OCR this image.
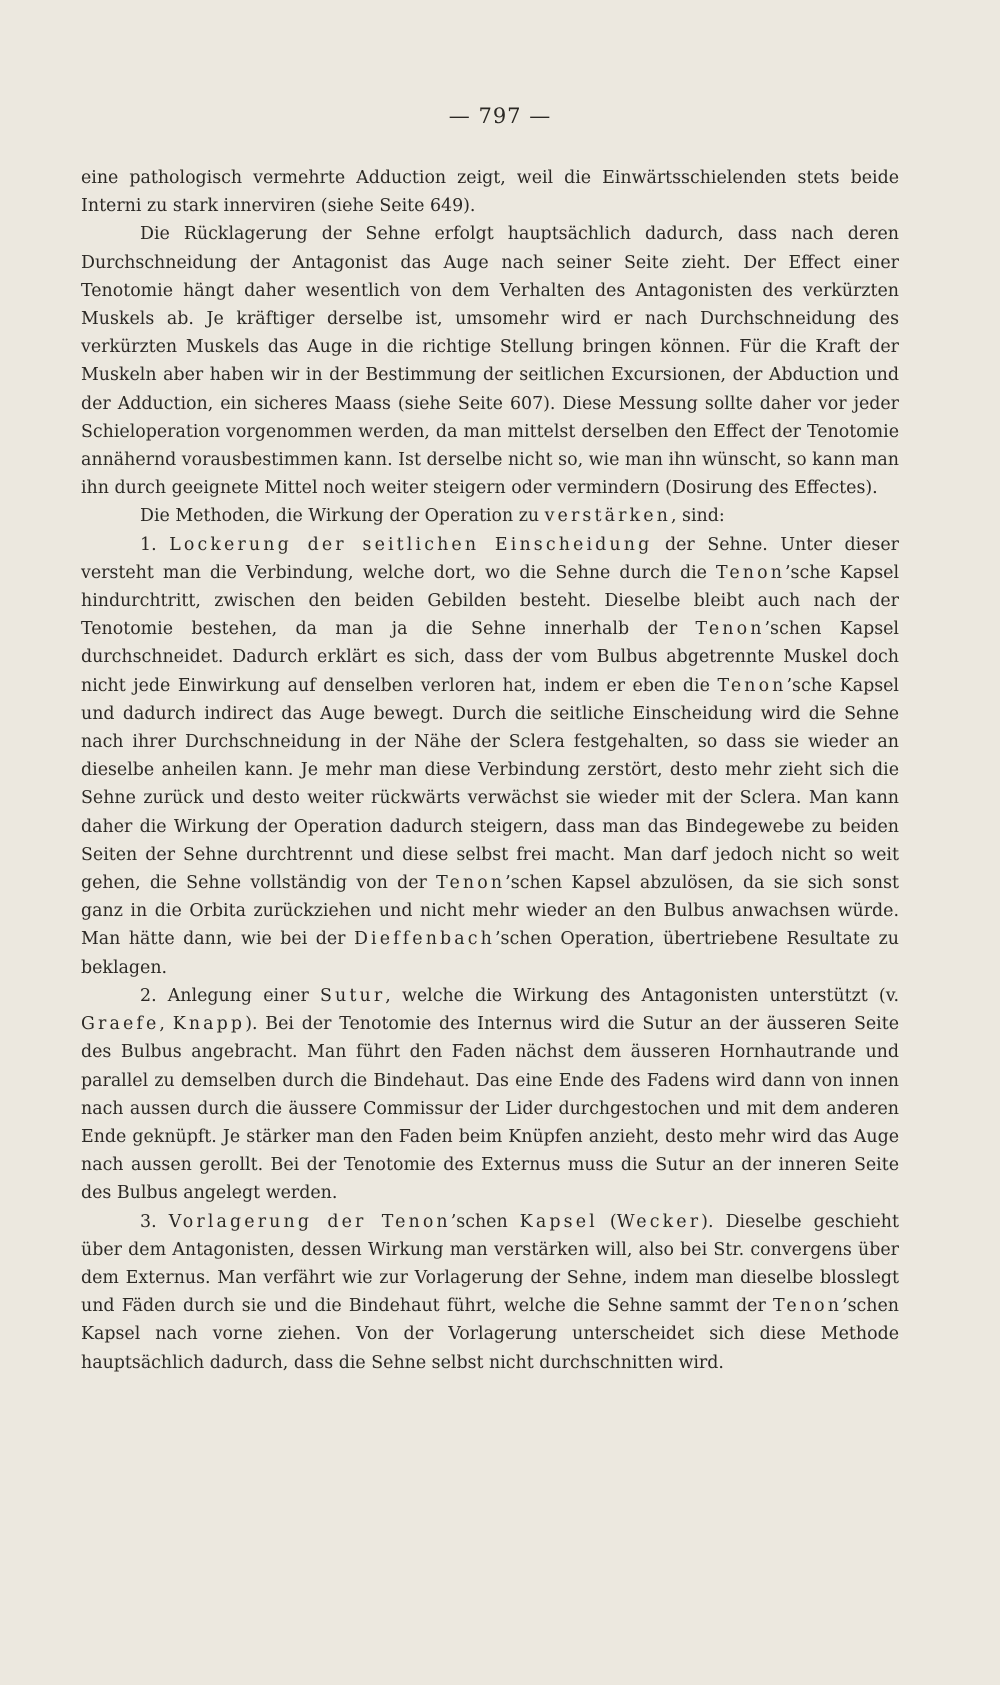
— 797 —

eine pathologisch vermehrte Adduction zeigt, weil die Einwärtsschielenden stets beide Interni zu stark innerviren (siehe Seite 649).

Die Rücklagerung der Sehne erfolgt hauptsächlich dadurch, dass nach deren Durchschneidung der Antagonist das Auge nach seiner Seite zieht. Der Effect einer Tenotomie hängt daher wesentlich von dem Verhalten des Antagonisten des verkürzten Muskels ab. Je kräftiger derselbe ist, umsomehr wird er nach Durchschneidung des verkürzten Muskels das Auge in die richtige Stellung bringen können. Für die Kraft der Muskeln aber haben wir in der Bestimmung der seitlichen Excursionen, der Abduction und der Adduction, ein sicheres Maass (siehe Seite 607). Diese Messung sollte daher vor jeder Schieloperation vorgenommen werden, da man mittelst derselben den Effect der Tenotomie annähernd vorausbestimmen kann. Ist derselbe nicht so, wie man ihn wünscht, so kann man ihn durch geeignete Mittel noch weiter steigern oder vermindern (Dosirung des Effectes).

Die Methoden, die Wirkung der Operation zu verstärken, sind:

1. Lockerung der seitlichen Einscheidung der Sehne. Unter dieser versteht man die Verbindung, welche dort, wo die Sehne durch die Tenon’sche Kapsel hindurchtritt, zwischen den beiden Gebilden besteht. Dieselbe bleibt auch nach der Tenotomie bestehen, da man ja die Sehne innerhalb der Tenon’schen Kapsel durchschneidet. Dadurch erklärt es sich, dass der vom Bulbus abgetrennte Muskel doch nicht jede Einwirkung auf denselben verloren hat, indem er eben die Tenon’sche Kapsel und dadurch indirect das Auge bewegt. Durch die seitliche Einscheidung wird die Sehne nach ihrer Durchschneidung in der Nähe der Sclera festgehalten, so dass sie wieder an dieselbe anheilen kann. Je mehr man diese Verbindung zerstört, desto mehr zieht sich die Sehne zurück und desto weiter rückwärts verwächst sie wieder mit der Sclera. Man kann daher die Wirkung der Operation dadurch steigern, dass man das Bindegewebe zu beiden Seiten der Sehne durchtrennt und diese selbst frei macht. Man darf jedoch nicht so weit gehen, die Sehne vollständig von der Tenon’schen Kapsel abzulösen, da sie sich sonst ganz in die Orbita zurückziehen und nicht mehr wieder an den Bulbus anwachsen würde. Man hätte dann, wie bei der Dieffenbach’schen Operation, übertriebene Resultate zu beklagen.

2. Anlegung einer Sutur, welche die Wirkung des Antagonisten unterstützt (v. Graefe, Knapp). Bei der Tenotomie des Internus wird die Sutur an der äusseren Seite des Bulbus angebracht. Man führt den Faden nächst dem äusseren Hornhautrande und parallel zu demselben durch die Bindehaut. Das eine Ende des Fadens wird dann von innen nach aussen durch die äussere Commissur der Lider durchgestochen und mit dem anderen Ende geknüpft. Je stärker man den Faden beim Knüpfen anzieht, desto mehr wird das Auge nach aussen gerollt. Bei der Tenotomie des Externus muss die Sutur an der inneren Seite des Bulbus angelegt werden.

3. Vorlagerung der Tenon’schen Kapsel (Wecker). Dieselbe geschieht über dem Antagonisten, dessen Wirkung man verstärken will, also bei Str. convergens über dem Externus. Man verfährt wie zur Vorlagerung der Sehne, indem man dieselbe blosslegt und Fäden durch sie und die Bindehaut führt, welche die Sehne sammt der Tenon’schen Kapsel nach vorne ziehen. Von der Vorlagerung unterscheidet sich diese Methode hauptsächlich dadurch, dass die Sehne selbst nicht durchschnitten wird.
